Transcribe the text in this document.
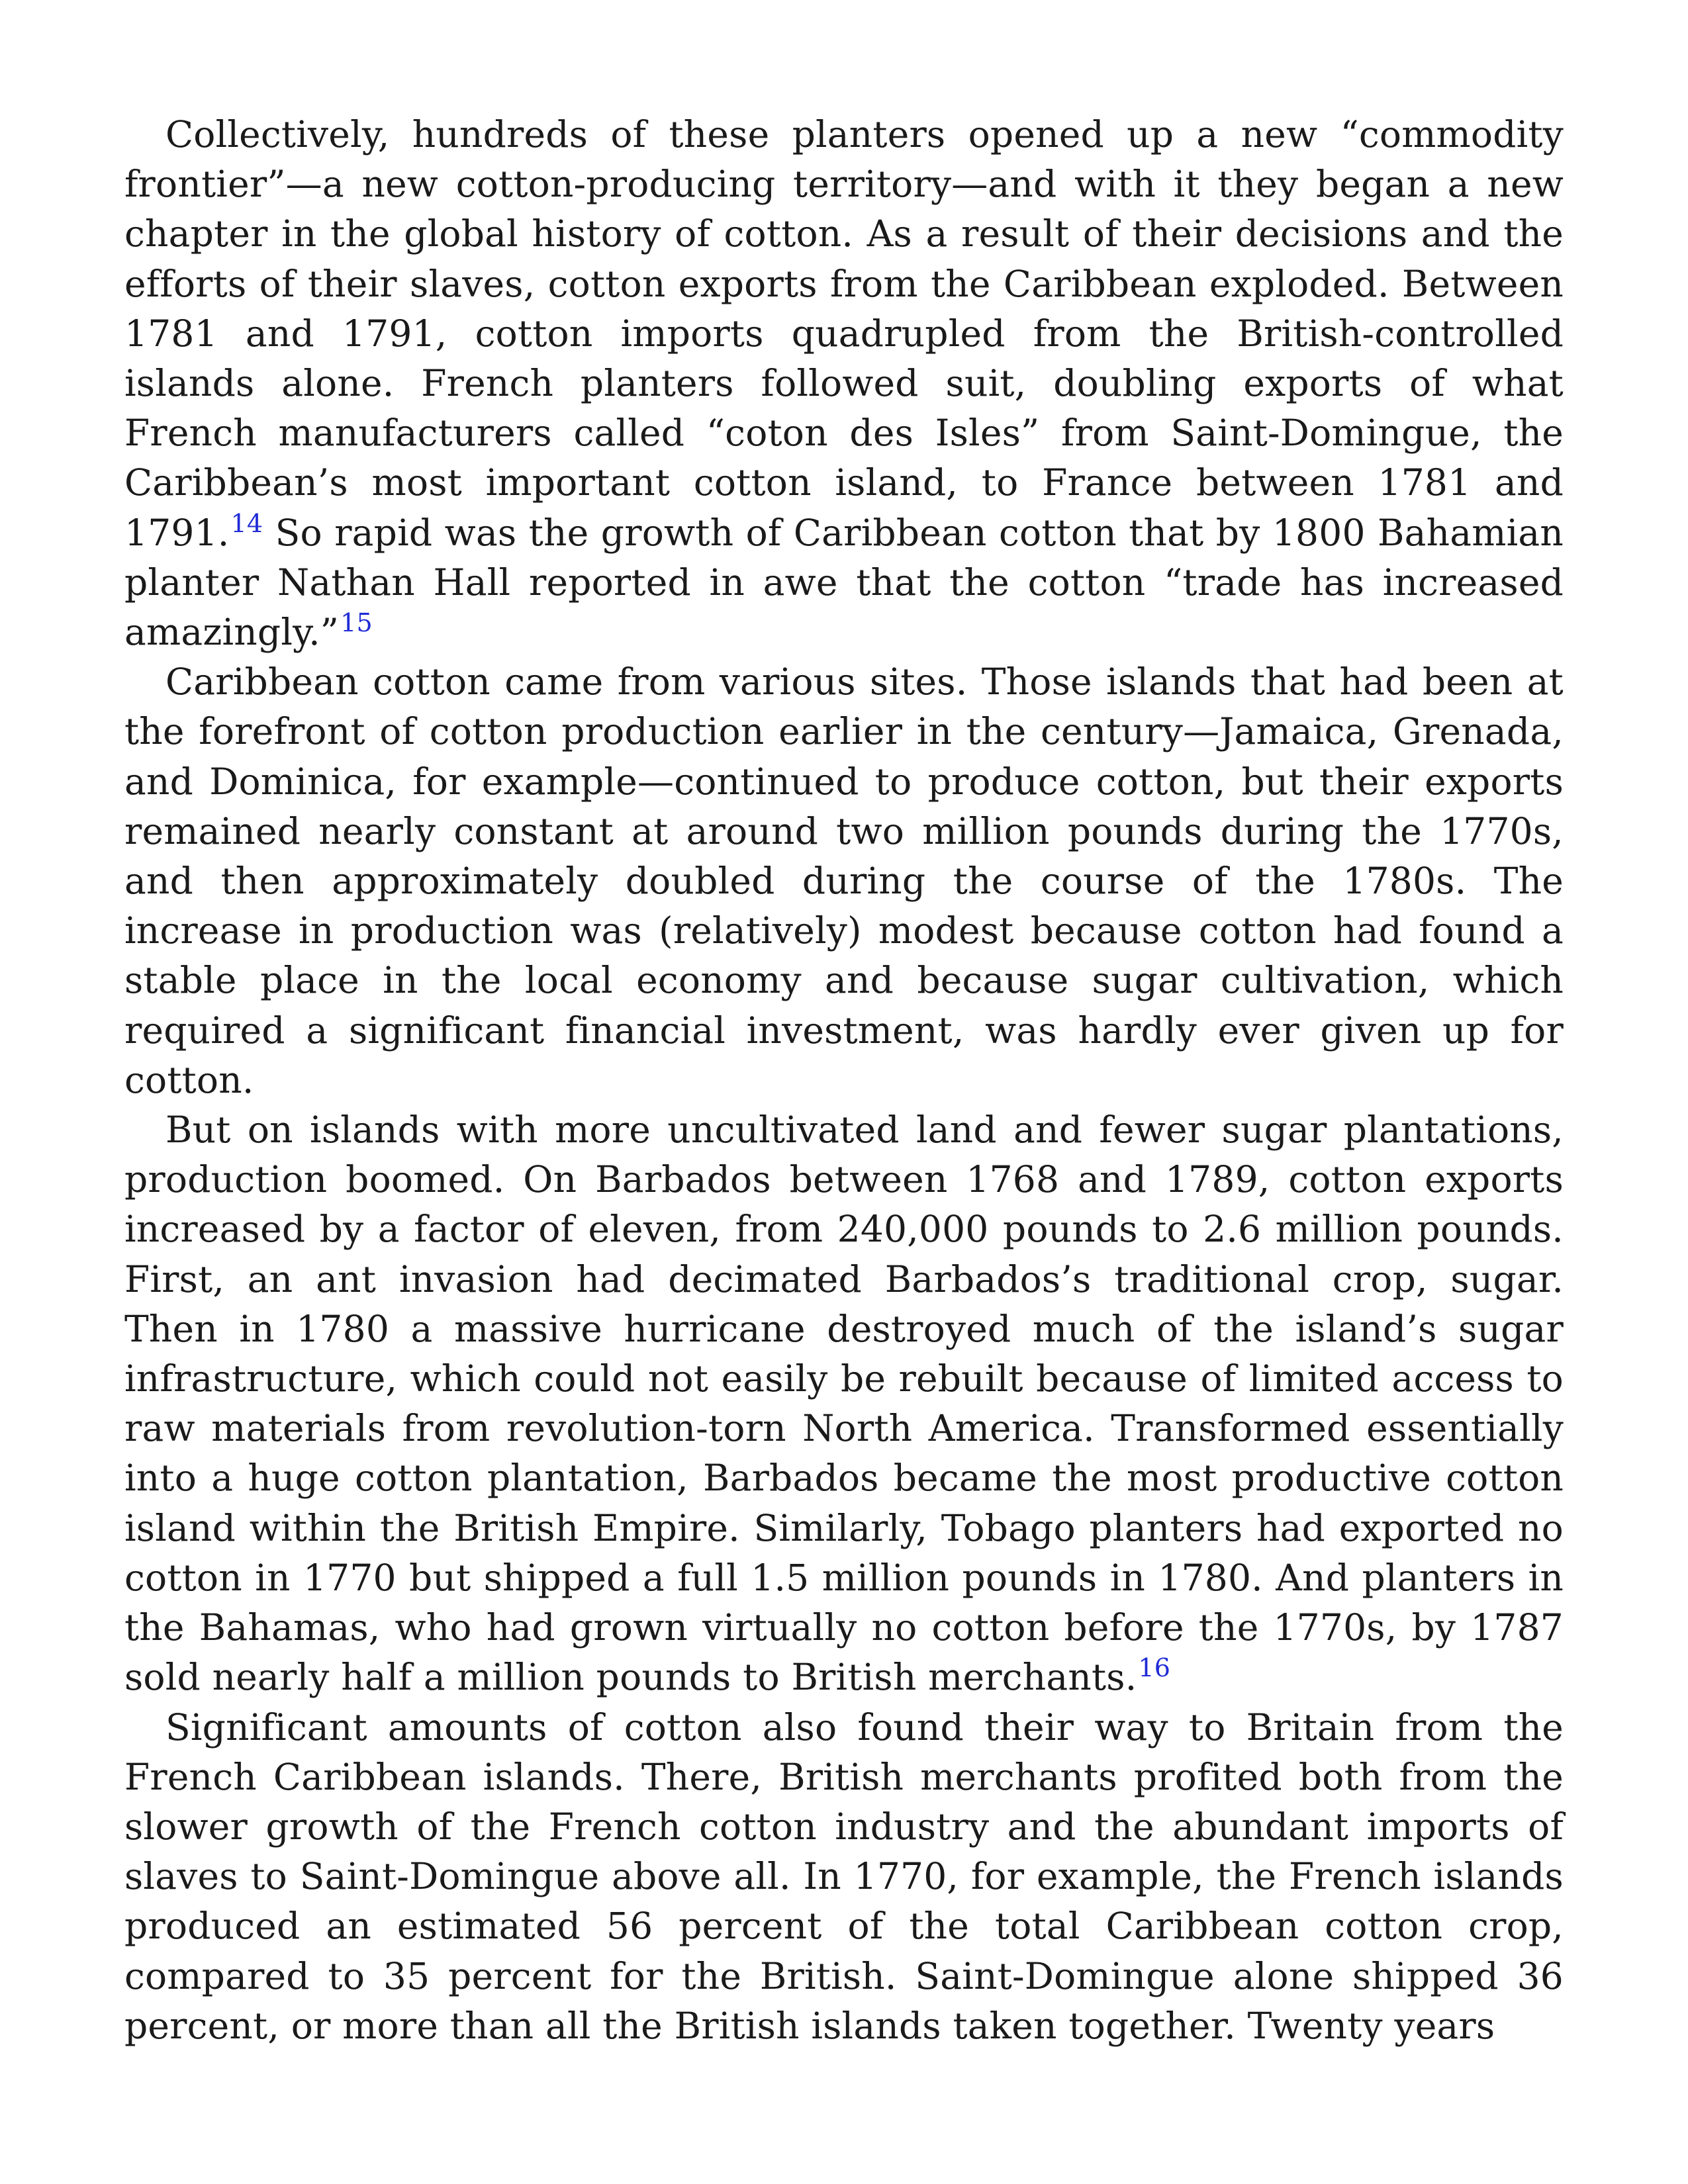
Collectively, hundreds of these planters opened up a new “commodity frontier”—a new cotton-producing territory—and with it they began a new chapter in the global history of cotton. As a result of their decisions and the efforts of their slaves, cotton exports from the Caribbean exploded. Between 1781 and 1791, cotton imports quadrupled from the British-controlled islands alone. French planters followed suit, doubling exports of what French manufacturers called “coton des Isles” from Saint-Domingue, the Caribbean’s most important cotton island, to France between 1781 and 1791.14 So rapid was the growth of Caribbean cotton that by 1800 Bahamian planter Nathan Hall reported in awe that the cotton “trade has increased amazingly.”$^{15}$

Caribbean cotton came from various sites. Those islands that had been at the forefront of cotton production earlier in the century—Jamaica, Grenada, and Dominica, for example—continued to produce cotton, but their exports remained nearly constant at around two million pounds during the 1770s, and then approximately doubled during the course of the 1780s. The increase in production was (relatively) modest because cotton had found a stable place in the local economy and because sugar cultivation, which required a significant financial investment, was hardly ever given up for cotton.

But on islands with more uncultivated land and fewer sugar plantations, production boomed. On Barbados between 1768 and 1789, cotton exports increased by a factor of eleven, from 240,000 pounds to 2.6 million pounds. First, an ant invasion had decimated Barbados’s traditional crop, sugar. Then in 1780 a massive hurricane destroyed much of the island’s sugar infrastructure, which could not easily be rebuilt because of limited access to raw materials from revolution-torn North America. Transformed essentially into a huge cotton plantation, Barbados became the most productive cotton island within the British Empire. Similarly, Tobago planters had exported no cotton in 1770 but shipped a full 1.5 million pounds in 1780. And planters in the Bahamas, who had grown virtually no cotton before the 1770s, by 1787 sold nearly half a million pounds to British merchants.$^{16}$

Significant amounts of cotton also found their way to Britain from the French Caribbean islands. There, British merchants profited both from the slower growth of the French cotton industry and the abundant imports of slaves to Saint-Domingue above all. In 1770, for example, the French islands produced an estimated 56 percent of the total Caribbean cotton crop, compared to 35 percent for the British. Saint-Domingue alone shipped 36 percent, or more than all the British islands taken together. Twenty years
